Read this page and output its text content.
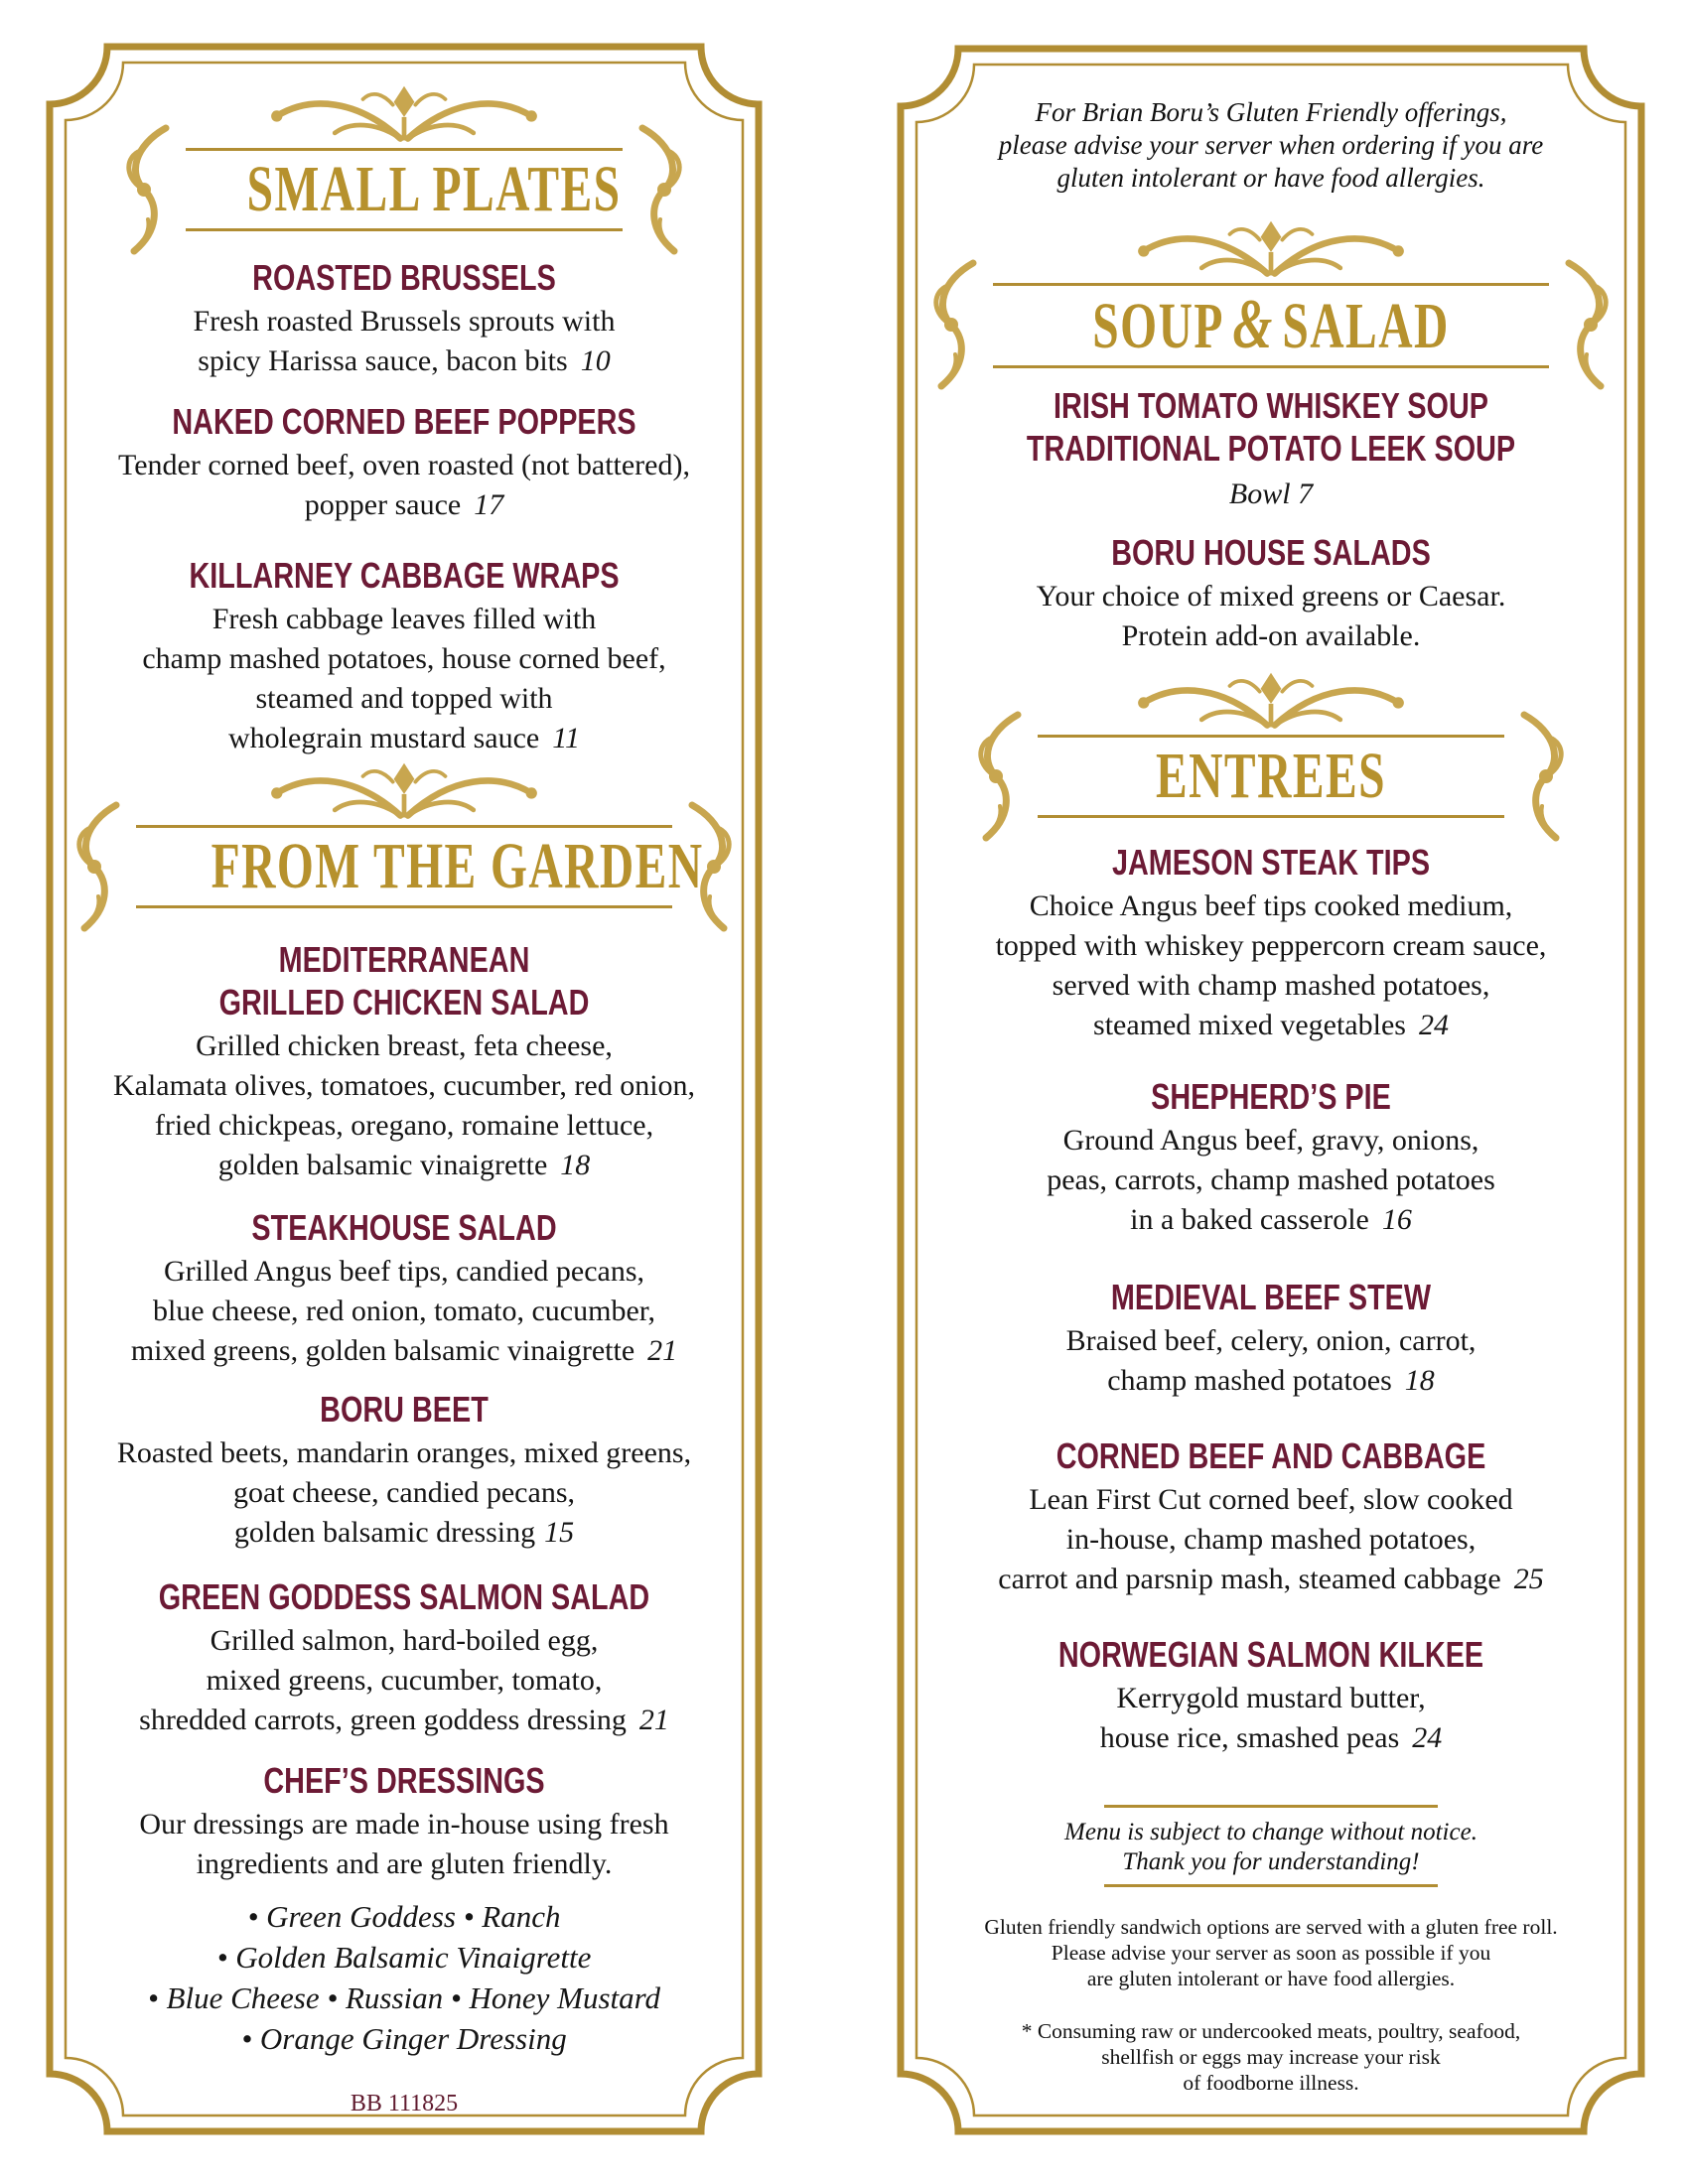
SMALL PLATES
ROASTED BRUSSELS
Fresh roasted Brussels sprouts with
spicy Harissa sauce, bacon bits 10
NAKED CORNED BEEF POPPERS
Tender corned beef, oven roasted (not battered),
popper sauce 17
KILLARNEY CABBAGE WRAPS
Fresh cabbage leaves filled with
champ mashed potatoes, house corned beef,
steamed and topped with
wholegrain mustard sauce 11
FROM THE GARDEN
MEDITERRANEAN
GRILLED CHICKEN SALAD
Grilled chicken breast, feta cheese,
Kalamata olives, tomatoes, cucumber, red onion,
fried chickpeas, oregano, romaine lettuce,
golden balsamic vinaigrette 18
STEAKHOUSE SALAD
Grilled Angus beef tips, candied pecans,
blue cheese, red onion, tomato, cucumber,
mixed greens, golden balsamic vinaigrette 21
BORU BEET
Roasted beets, mandarin oranges, mixed greens,
goat cheese, candied pecans,
golden balsamic dressing 15
GREEN GODDESS SALMON SALAD
Grilled salmon, hard-boiled egg,
mixed greens, cucumber, tomato,
shredded carrots, green goddess dressing 21
CHEF’S DRESSINGS
Our dressings are made in-house using fresh
ingredients and are gluten friendly.
• Green Goddess • Ranch
• Golden Balsamic Vinaigrette
• Blue Cheese • Russian • Honey Mustard
• Orange Ginger Dressing
BB 111825
For Brian Boru’s Gluten Friendly offerings,
please advise your server when ordering if you are
gluten intolerant or have food allergies.
SOUP & SALAD
IRISH TOMATO WHISKEY SOUP
TRADITIONAL POTATO LEEK SOUP
Bowl 7
BORU HOUSE SALADS
Your choice of mixed greens or Caesar.
Protein add-on available.
ENTREES
JAMESON STEAK TIPS
Choice Angus beef tips cooked medium,
topped with whiskey peppercorn cream sauce,
served with champ mashed potatoes,
steamed mixed vegetables 24
SHEPHERD’S PIE
Ground Angus beef, gravy, onions,
peas, carrots, champ mashed potatoes
in a baked casserole 16
MEDIEVAL BEEF STEW
Braised beef, celery, onion, carrot,
champ mashed potatoes 18
CORNED BEEF AND CABBAGE
Lean First Cut corned beef, slow cooked
in-house, champ mashed potatoes,
carrot and parsnip mash, steamed cabbage 25
NORWEGIAN SALMON KILKEE
Kerrygold mustard butter,
house rice, smashed peas 24
Menu is subject to change without notice.
Thank you for understanding!
Gluten friendly sandwich options are served with a gluten free roll.
Please advise your server as soon as possible if you
are gluten intolerant or have food allergies.
* Consuming raw or undercooked meats, poultry, seafood,
shellfish or eggs may increase your risk
of foodborne illness.
